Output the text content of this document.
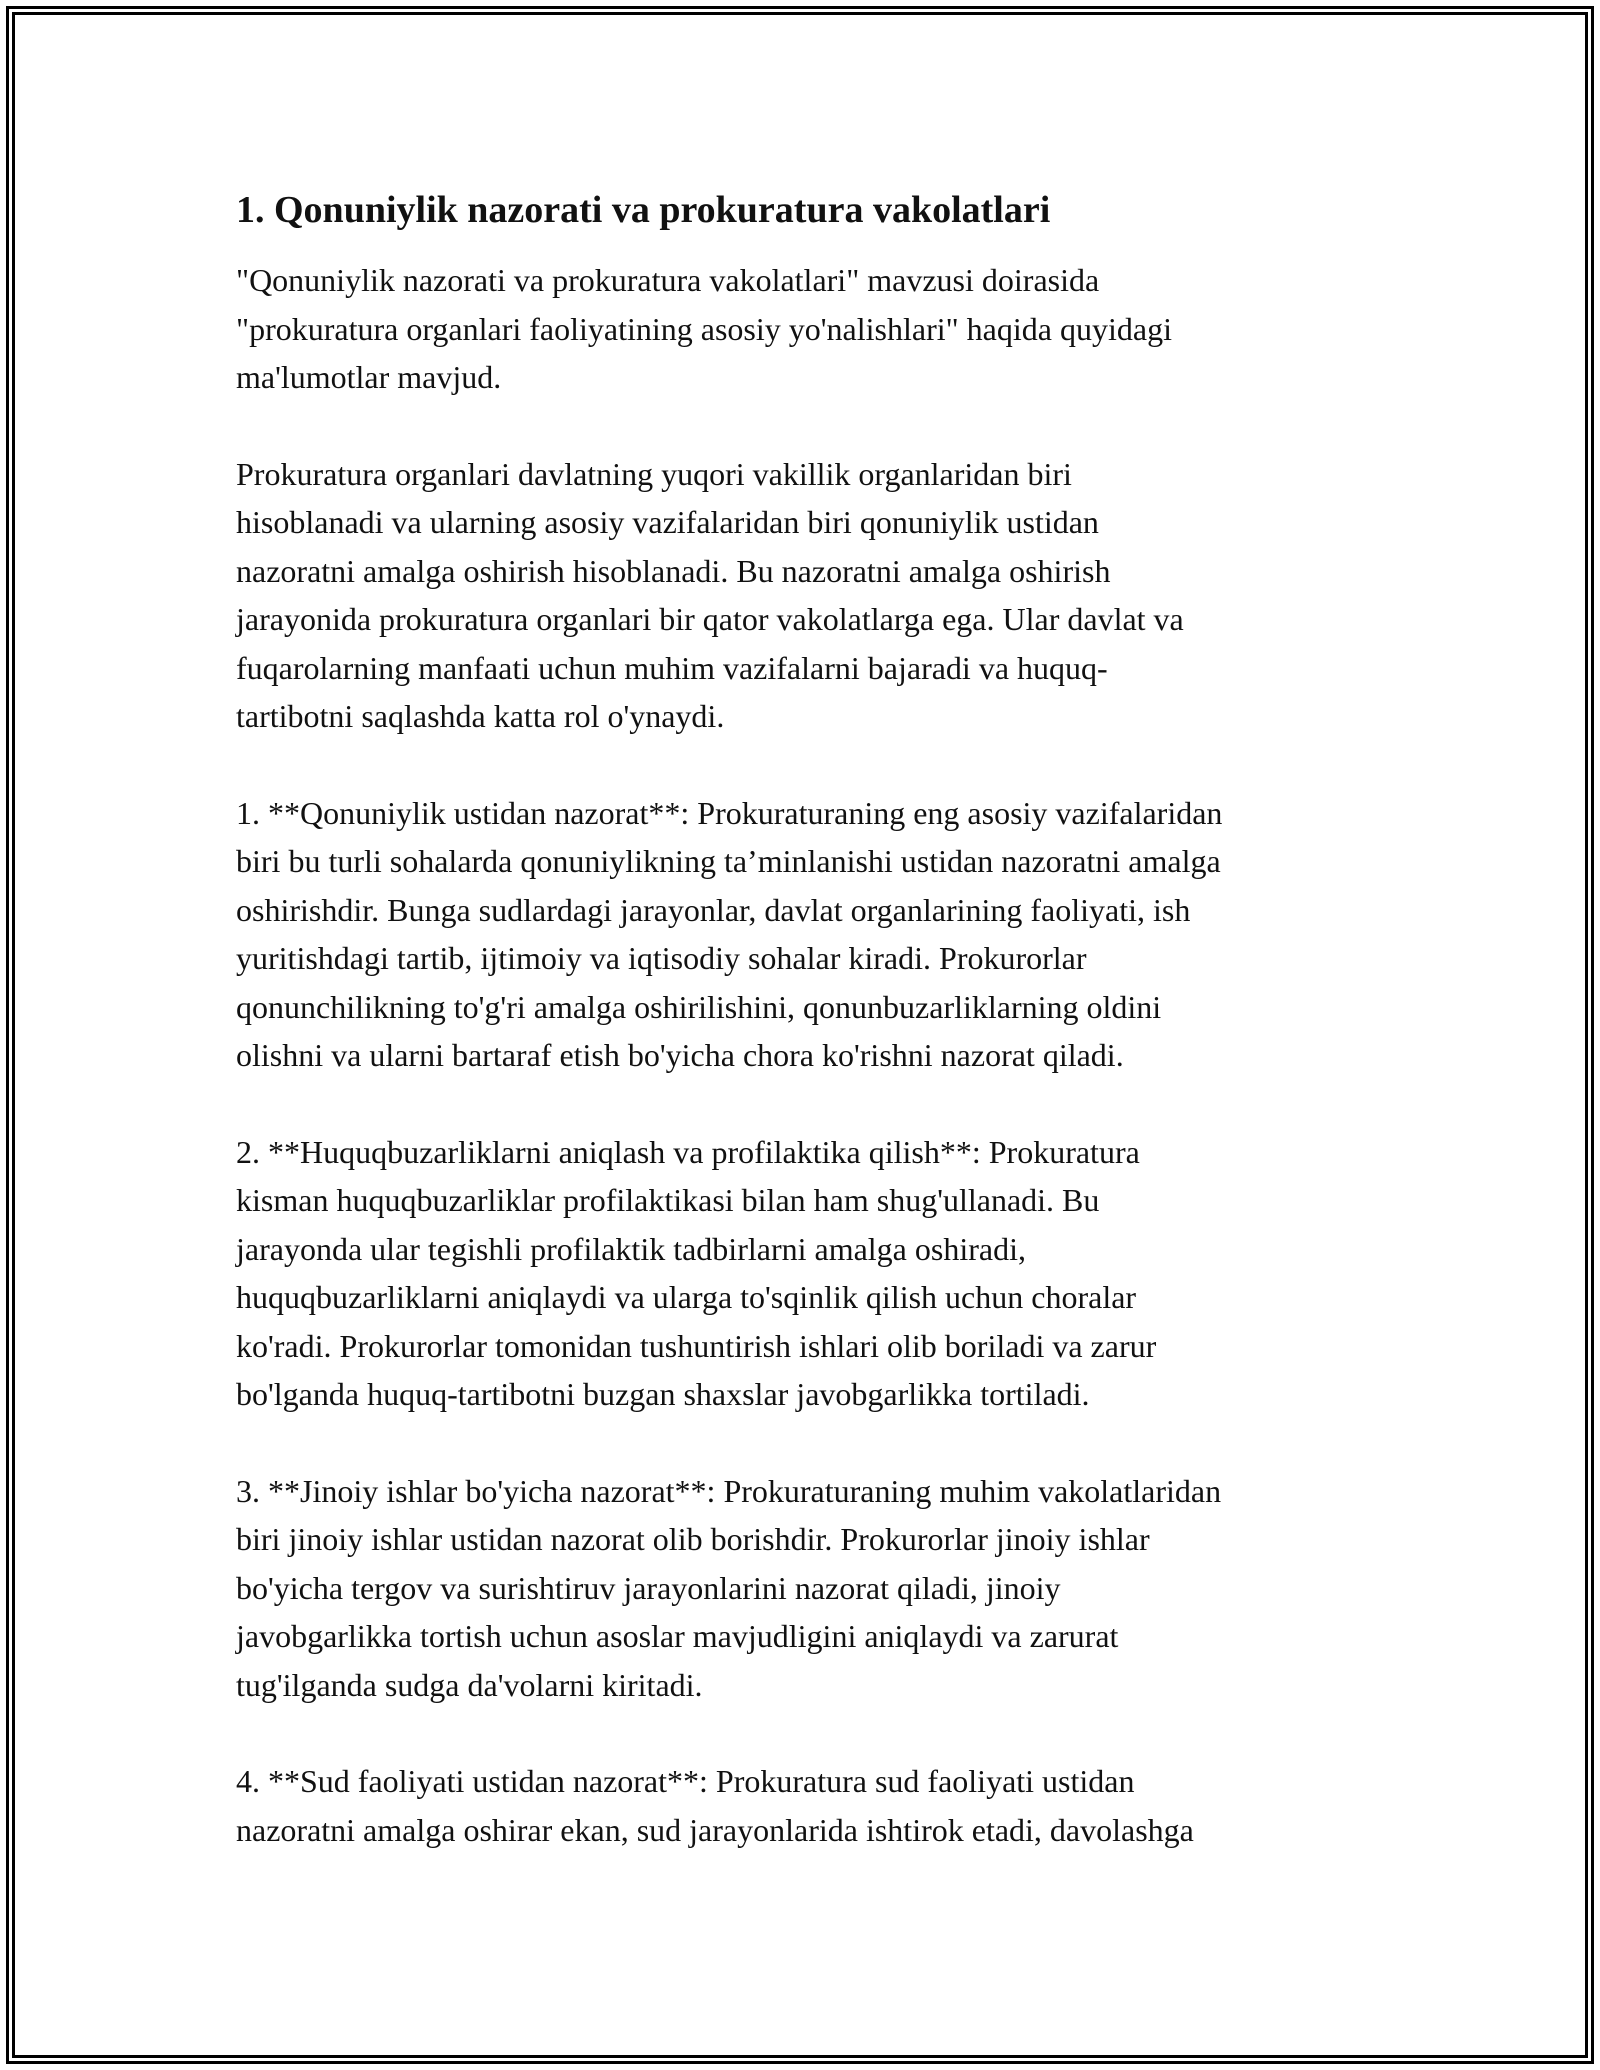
1. Qonuniylik nazorati va prokuratura vakolatlari

"Qonuniylik nazorati va prokuratura vakolatlari" mavzusi doirasida
"prokuratura organlari faoliyatining asosiy yo'nalishlari" haqida quyidagi
ma'lumotlar mavjud.

Prokuratura organlari davlatning yuqori vakillik organlaridan biri
hisoblanadi va ularning asosiy vazifalaridan biri qonuniylik ustidan
nazoratni amalga oshirish hisoblanadi. Bu nazoratni amalga oshirish
jarayonida prokuratura organlari bir qator vakolatlarga ega. Ular davlat va
fuqarolarning manfaati uchun muhim vazifalarni bajaradi va huquq-
tartibotni saqlashda katta rol o'ynaydi.

1. **Qonuniylik ustidan nazorat**: Prokuraturaning eng asosiy vazifalaridan
biri bu turli sohalarda qonuniylikning ta’minlanishi ustidan nazoratni amalga
oshirishdir. Bunga sudlardagi jarayonlar, davlat organlarining faoliyati, ish
yuritishdagi tartib, ijtimoiy va iqtisodiy sohalar kiradi. Prokurorlar
qonunchilikning to'g'ri amalga oshirilishini, qonunbuzarliklarning oldini
olishni va ularni bartaraf etish bo'yicha chora ko'rishni nazorat qiladi.

2. **Huquqbuzarliklarni aniqlash va profilaktika qilish**: Prokuratura
kisman huquqbuzarliklar profilaktikasi bilan ham shug'ullanadi. Bu
jarayonda ular tegishli profilaktik tadbirlarni amalga oshiradi,
huquqbuzarliklarni aniqlaydi va ularga to'sqinlik qilish uchun choralar
ko'radi. Prokurorlar tomonidan tushuntirish ishlari olib boriladi va zarur
bo'lganda huquq-tartibotni buzgan shaxslar javobgarlikka tortiladi.

3. **Jinoiy ishlar bo'yicha nazorat**: Prokuraturaning muhim vakolatlaridan
biri jinoiy ishlar ustidan nazorat olib borishdir. Prokurorlar jinoiy ishlar
bo'yicha tergov va surishtiruv jarayonlarini nazorat qiladi, jinoiy
javobgarlikka tortish uchun asoslar mavjudligini aniqlaydi va zarurat
tug'ilganda sudga da'volarni kiritadi.

4. **Sud faoliyati ustidan nazorat**: Prokuratura sud faoliyati ustidan
nazoratni amalga oshirar ekan, sud jarayonlarida ishtirok etadi, davolashga
